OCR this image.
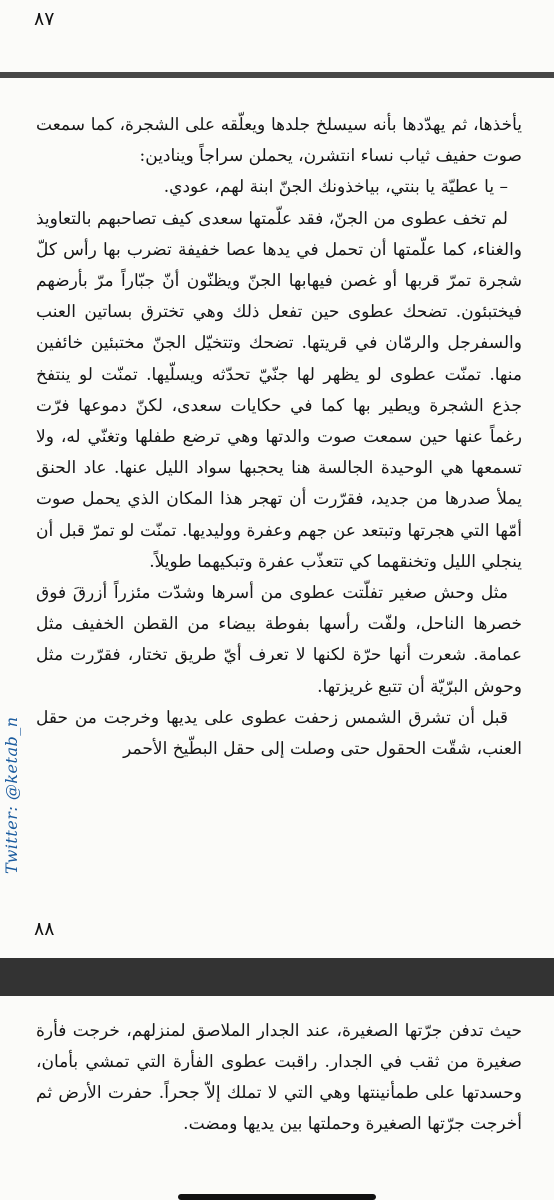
٨٧

يأخذها، ثم يهدّدها بأنه سيسلخ جلدها ويعلّقه على الشجرة، كما سمعت صوت حفيف ثياب نساء انتشرن، يحملن سراجاً وينادين:

– يا عطيّة يا بنتي، بياخذونك الجنّ ابنة لهم، عودي.

لم تخف عطوى من الجنّ، فقد علّمتها سعدى كيف تصاحبهم بالتعاويذ والغناء، كما علّمتها أن تحمل في يدها عصا خفيفة تضرب بها رأس كلّ شجرة تمرّ قربها أو غصن فيهابها الجنّ ويظنّون أنّ جبّاراً مرّ بأرضهم فيختبئون. تضحك عطوى حين تفعل ذلك وهي تخترق بساتين العنب والسفرجل والرمّان في قريتها. تضحك وتتخيّل الجنّ مختبئين خائفين منها. تمنّت عطوى لو يظهر لها جنّيّ تحدّثه ويسلّيها. تمنّت لو ينتفخ جذع الشجرة ويطير بها كما في حكايات سعدى، لكنّ دموعها فرّت رغماً عنها حين سمعت صوت والدتها وهي ترضع طفلها وتغنّي له، ولا تسمعها هي الوحيدة الجالسة هنا يحجبها سواد الليل عنها. عاد الحنق يملأ صدرها من جديد، فقرّرت أن تهجر هذا المكان الذي يحمل صوت أمّها التي هجرتها وتبتعد عن جهم وعفرة ووليديها. تمنّت لو تمرّ قبل أن ينجلي الليل وتخنقهما كي تتعذّب عفرة وتبكيهما طويلاً.

مثل وحش صغير تفلّتت عطوى من أسرها وشدّت مئزراً أزرقَ فوق خصرها الناحل، ولفّت رأسها بفوطة بيضاء من القطن الخفيف مثل عمامة. شعرت أنها حرّة لكنها لا تعرف أيّ طريق تختار، فقرّرت مثل وحوش البرّيّة أن تتبع غريزتها.

قبل أن تشرق الشمس زحفت عطوى على يديها وخرجت من حقل العنب، شقّت الحقول حتى وصلت إلى حقل البطّيخ الأحمر

Twitter: @ketab_n
٨٨

حيث تدفن جرّتها الصغيرة، عند الجدار الملاصق لمنزلهم، خرجت فأرة صغيرة من ثقب في الجدار. راقبت عطوى الفأرة التي تمشي بأمان، وحسدتها على طمأنينتها وهي التي لا تملك إلاّ جحراً. حفرت الأرض ثم أخرجت جرّتها الصغيرة وحملتها بين يديها ومضت.
